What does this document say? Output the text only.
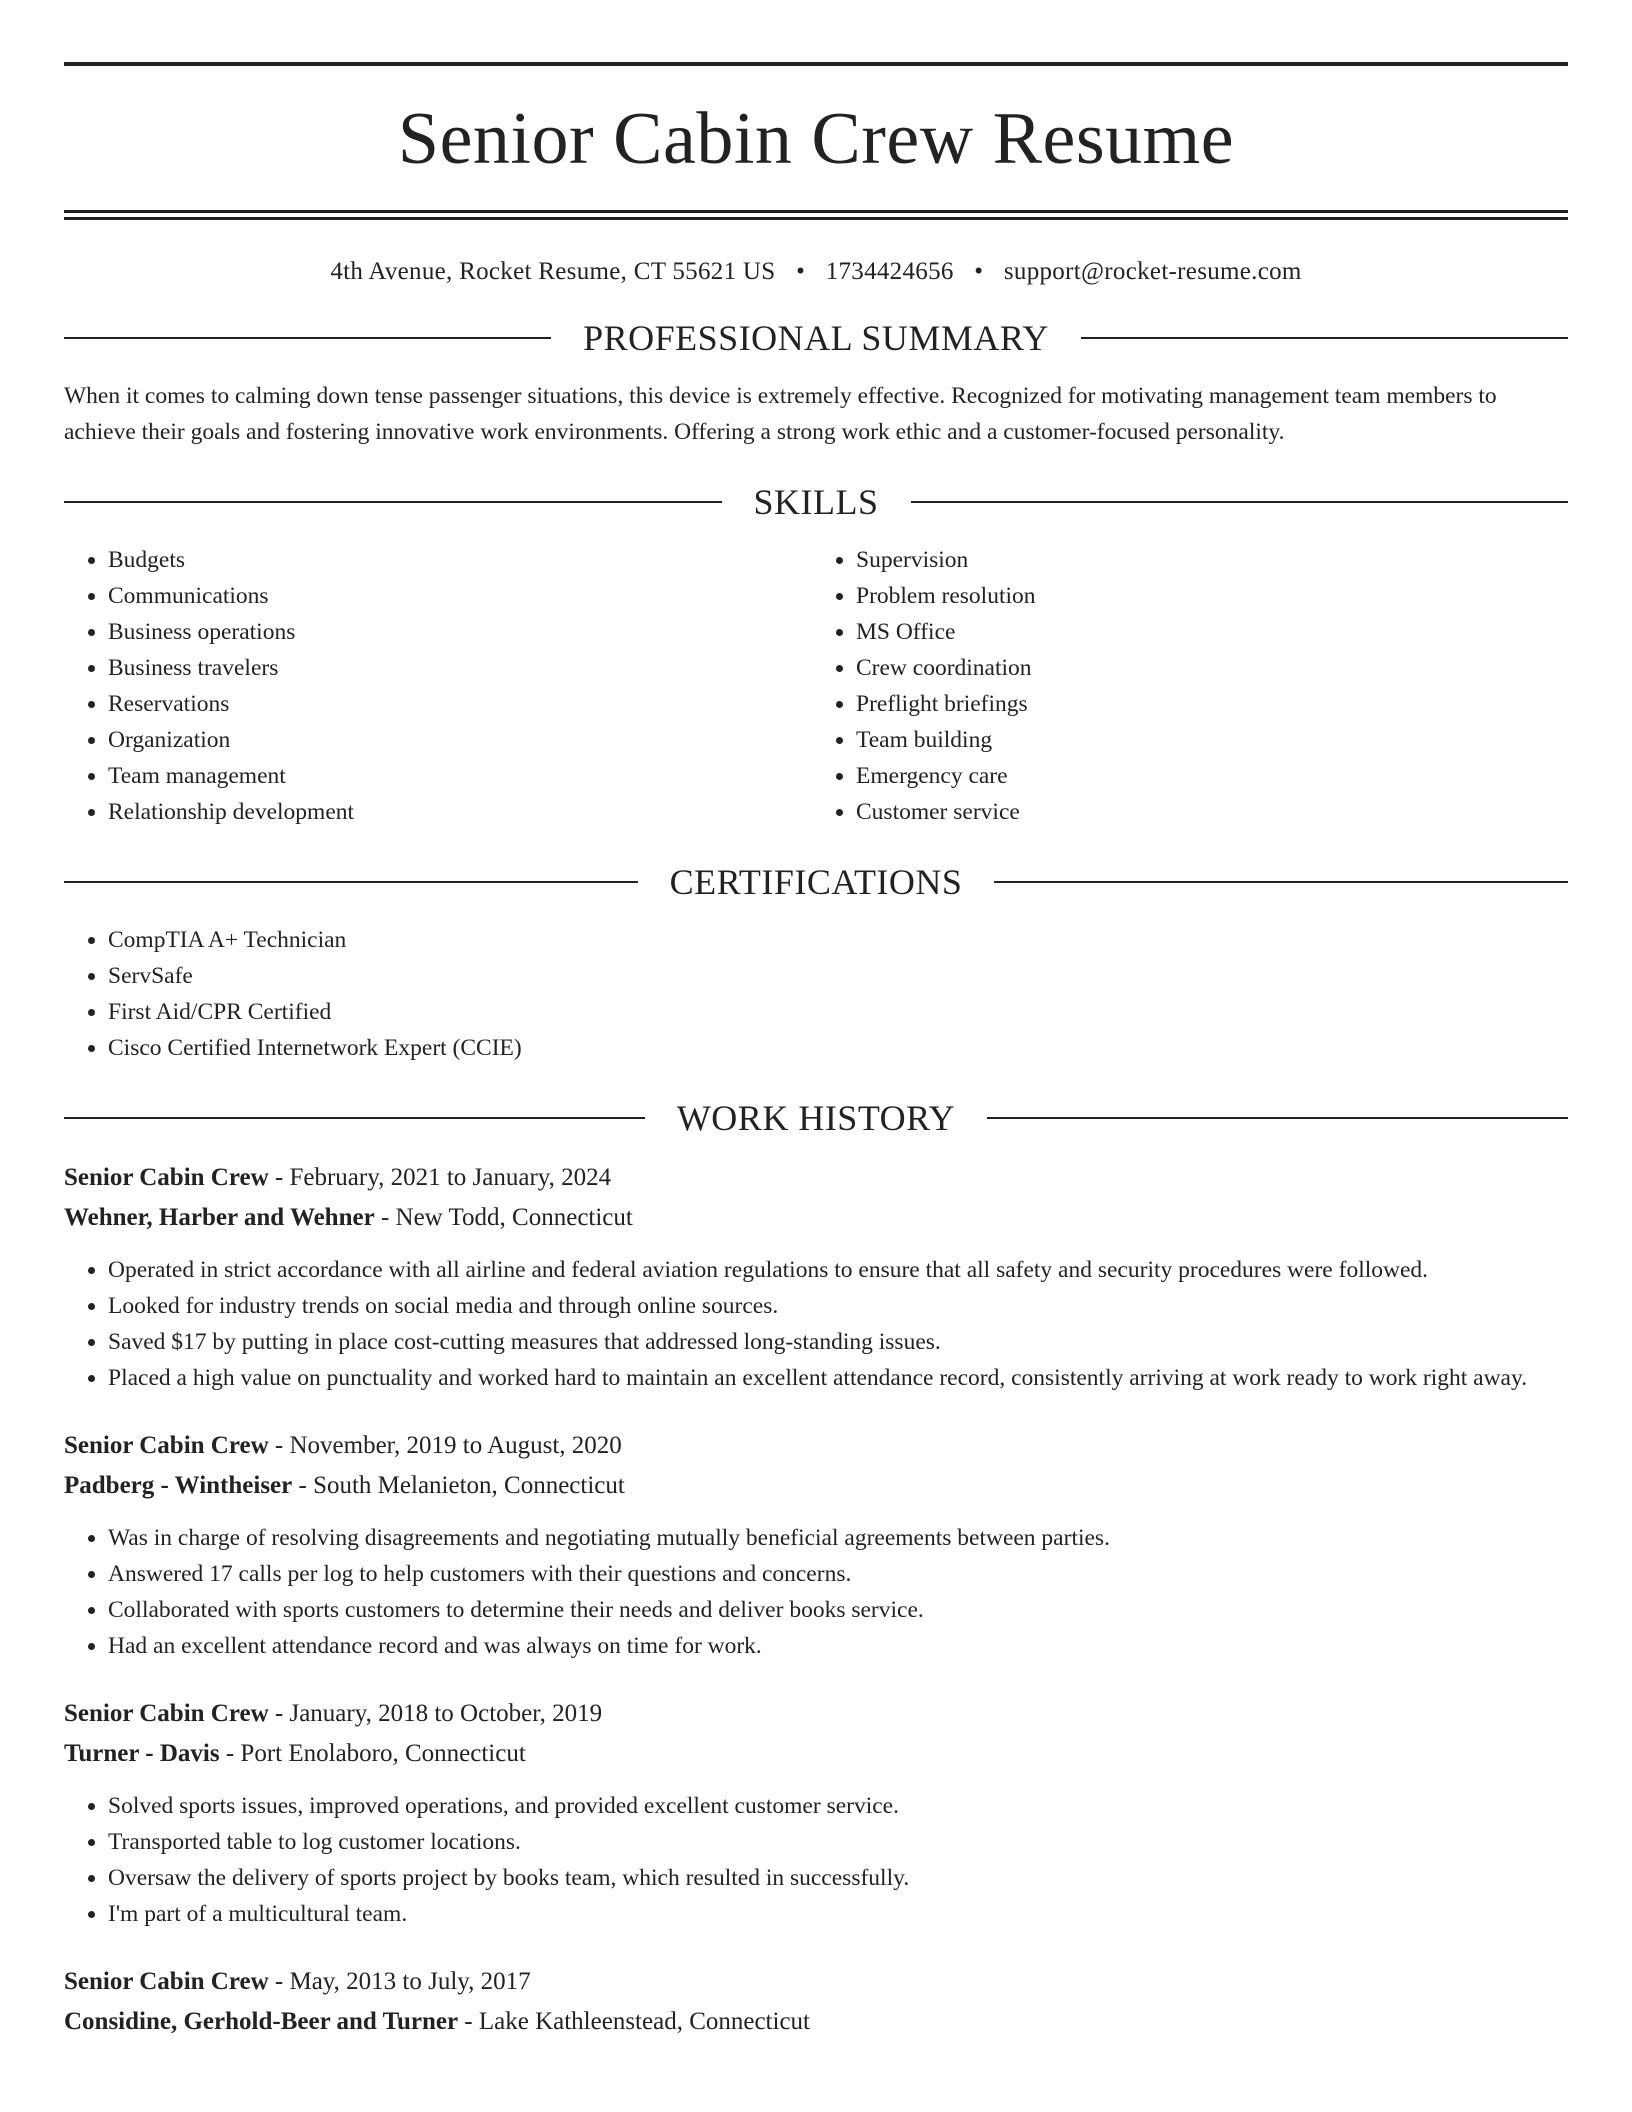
Senior Cabin Crew Resume
4th Avenue, Rocket Resume, CT 55621 US • 1734424656 • support@rocket-resume.com
PROFESSIONAL SUMMARY
When it comes to calming down tense passenger situations, this device is extremely effective. Recognized for motivating management team members to achieve their goals and fostering innovative work environments. Offering a strong work ethic and a customer-focused personality.
SKILLS
• Budgets
• Communications
• Business operations
• Business travelers
• Reservations
• Organization
• Team management
• Relationship development
• Supervision
• Problem resolution
• MS Office
• Crew coordination
• Preflight briefings
• Team building
• Emergency care
• Customer service
CERTIFICATIONS
• CompTIA A+ Technician
• ServSafe
• First Aid/CPR Certified
• Cisco Certified Internetwork Expert (CCIE)
WORK HISTORY
Senior Cabin Crew - February, 2021 to January, 2024
Wehner, Harber and Wehner - New Todd, Connecticut
• Operated in strict accordance with all airline and federal aviation regulations to ensure that all safety and security procedures were followed.
• Looked for industry trends on social media and through online sources.
• Saved $17 by putting in place cost-cutting measures that addressed long-standing issues.
• Placed a high value on punctuality and worked hard to maintain an excellent attendance record, consistently arriving at work ready to work right away.
Senior Cabin Crew - November, 2019 to August, 2020
Padberg - Wintheiser - South Melanieton, Connecticut
• Was in charge of resolving disagreements and negotiating mutually beneficial agreements between parties.
• Answered 17 calls per log to help customers with their questions and concerns.
• Collaborated with sports customers to determine their needs and deliver books service.
• Had an excellent attendance record and was always on time for work.
Senior Cabin Crew - January, 2018 to October, 2019
Turner - Davis - Port Enolaboro, Connecticut
• Solved sports issues, improved operations, and provided excellent customer service.
• Transported table to log customer locations.
• Oversaw the delivery of sports project by books team, which resulted in successfully.
• I'm part of a multicultural team.
Senior Cabin Crew - May, 2013 to July, 2017
Considine, Gerhold-Beer and Turner - Lake Kathleenstead, Connecticut
